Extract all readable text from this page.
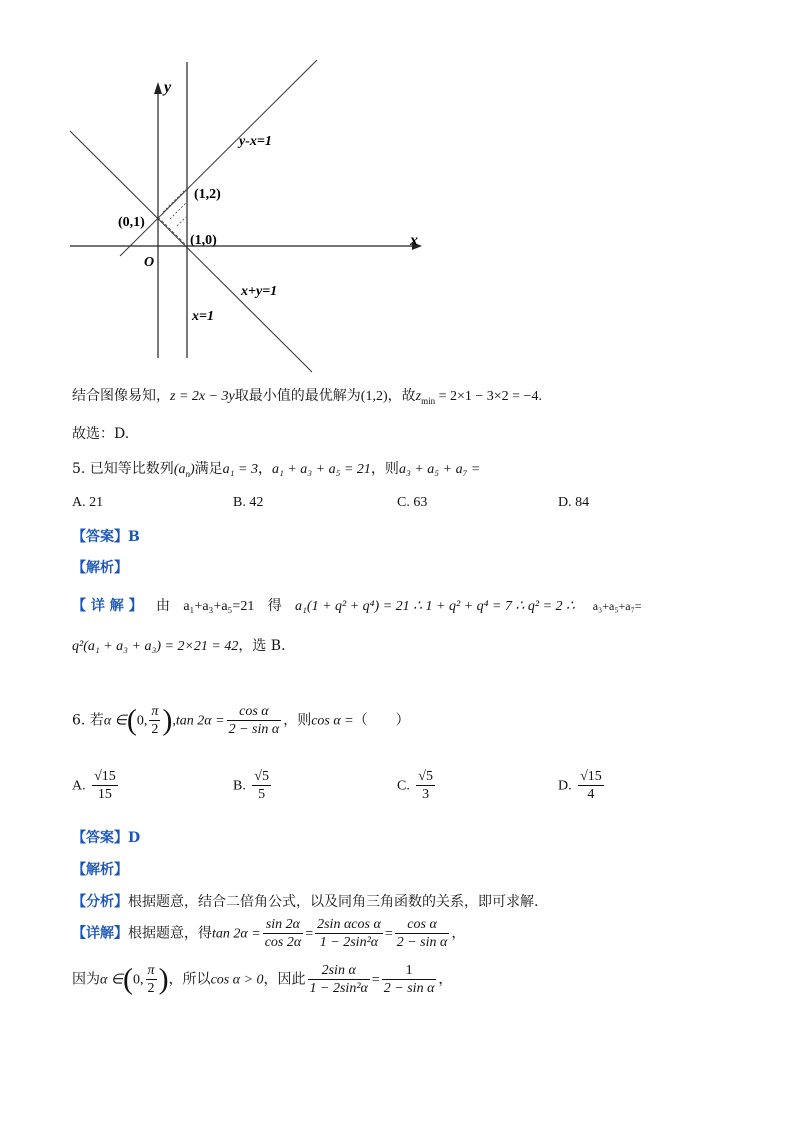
y
x
O
y-x=1
x+y=1
x=1
(0,1)
(1,2)
(1,0)
结合图像易知，z = 2x − 3y取最小值的最优解为(1,2)，故$z_{min} = 2\times 1 - 3\times 2 = -4$.
故选：D.
5. 已知等比数列$(a_n)$满足a₁ = 3，a₁ + a₃ + a₅ = 21，则a₃ + a₅ + a₇ =
A. 21	B. 42	C. 63	D. 84
【答案】B
【解析】
【 详 解 】 由 a₁+a₃+a₅=21 得 a₁(1 + q² + q⁴) = 21 ∴ 1 + q² + q⁴ = 7 ∴ q² = 2 ∴ a₃+a₅+a₇=
q²(a₁ + a₃ + a₃) = 2×21 = 42，选 B.
6. 若α ∈(0, $\frac{\pi}{2} ),\tan$ $2\alpha = \frac{\text{cos α}}{\text{2 − sin α}}$ ，则cos α =（　　）
A. $\frac{√15}{15}$	B. $\frac{√5}{5}$	C. $\frac{√5}{3}$	D. $\frac{√15}{4}$
【答案】D
【解析】
【分析】根据题意，结合二倍角公式，以及同角三角函数的关系，即可求解.
【详解】根据题意，得$\tan 2\alpha = \frac{\sin 2\alpha}{\cos 2\alpha} = \frac{\text{2sin αcos α}}{\text{1 − 2sin²α}} = \frac{\text{cos α}}{\text{2 − sin α}}$ ，
因为α ∈(0, $\frac{\pi}{2}$ )，所以cos α > 0，因此 $\frac{\text{2sin α}}{\text{1 − 2sin²α}} = \frac{1}{\text{2 − sin α}}$ ，
